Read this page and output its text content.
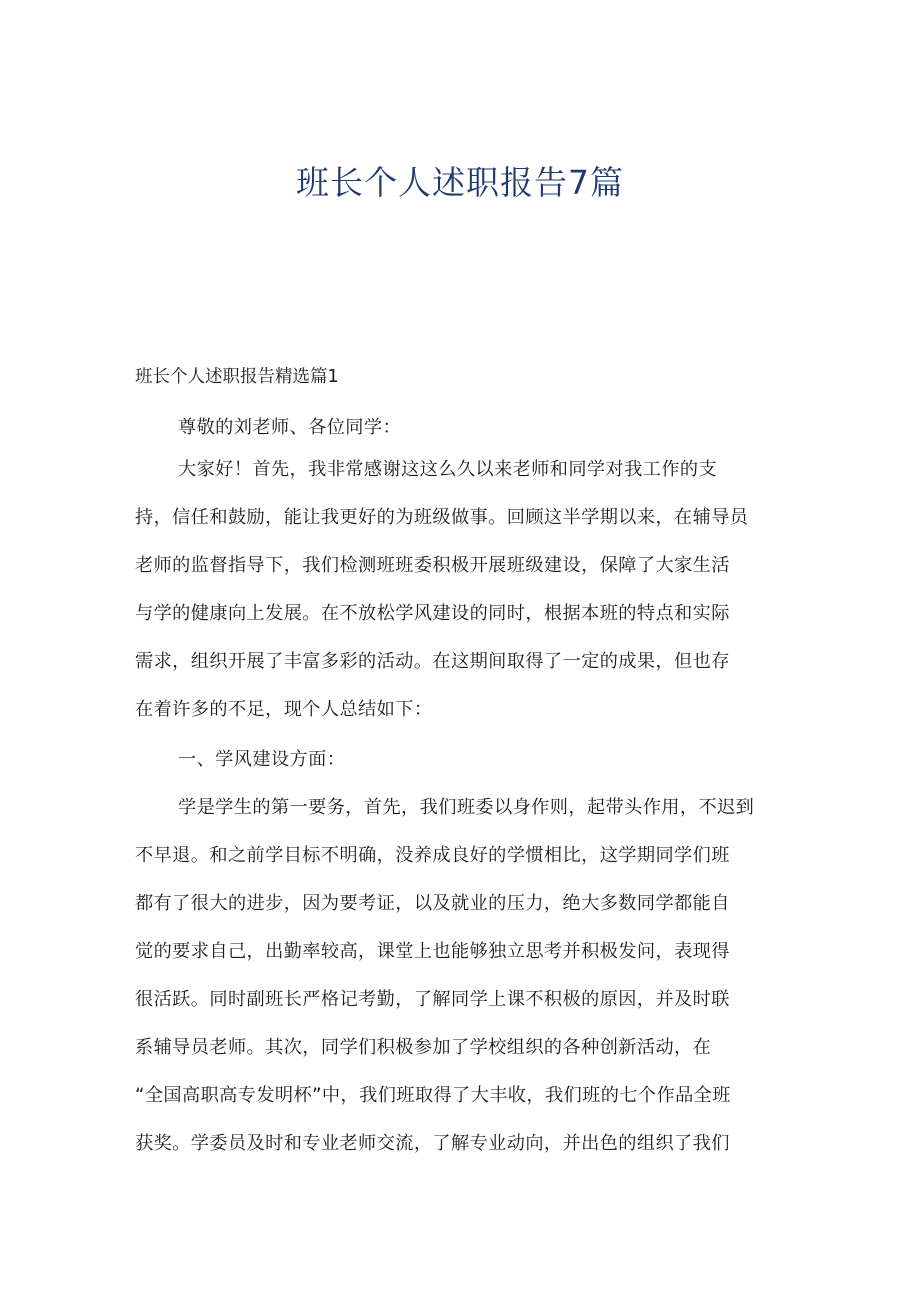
班长个人述职报告7篇

班长个人述职报告精选篇1

尊敬的刘老师、各位同学：
大家好！首先，我非常感谢这这么久以来老师和同学对我工作的支
持，信任和鼓励，能让我更好的为班级做事。回顾这半学期以来，在辅导员
老师的监督指导下，我们检测班班委积极开展班级建设，保障了大家生活
与学的健康向上发展。在不放松学风建设的同时，根据本班的特点和实际
需求，组织开展了丰富多彩的活动。在这期间取得了一定的成果，但也存
在着许多的不足，现个人总结如下：
一、学风建设方面：
学是学生的第一要务，首先，我们班委以身作则，起带头作用，不迟到
不早退。和之前学目标不明确，没养成良好的学惯相比，这学期同学们班
都有了很大的进步，因为要考证，以及就业的压力，绝大多数同学都能自
觉的要求自己，出勤率较高，课堂上也能够独立思考并积极发问，表现得
很活跃。同时副班长严格记考勤，了解同学上课不积极的原因，并及时联
系辅导员老师。其次，同学们积极参加了学校组织的各种创新活动，在
“全国高职高专发明杯”中，我们班取得了大丰收，我们班的七个作品全班
获奖。学委员及时和专业老师交流，了解专业动向，并出色的组织了我们
